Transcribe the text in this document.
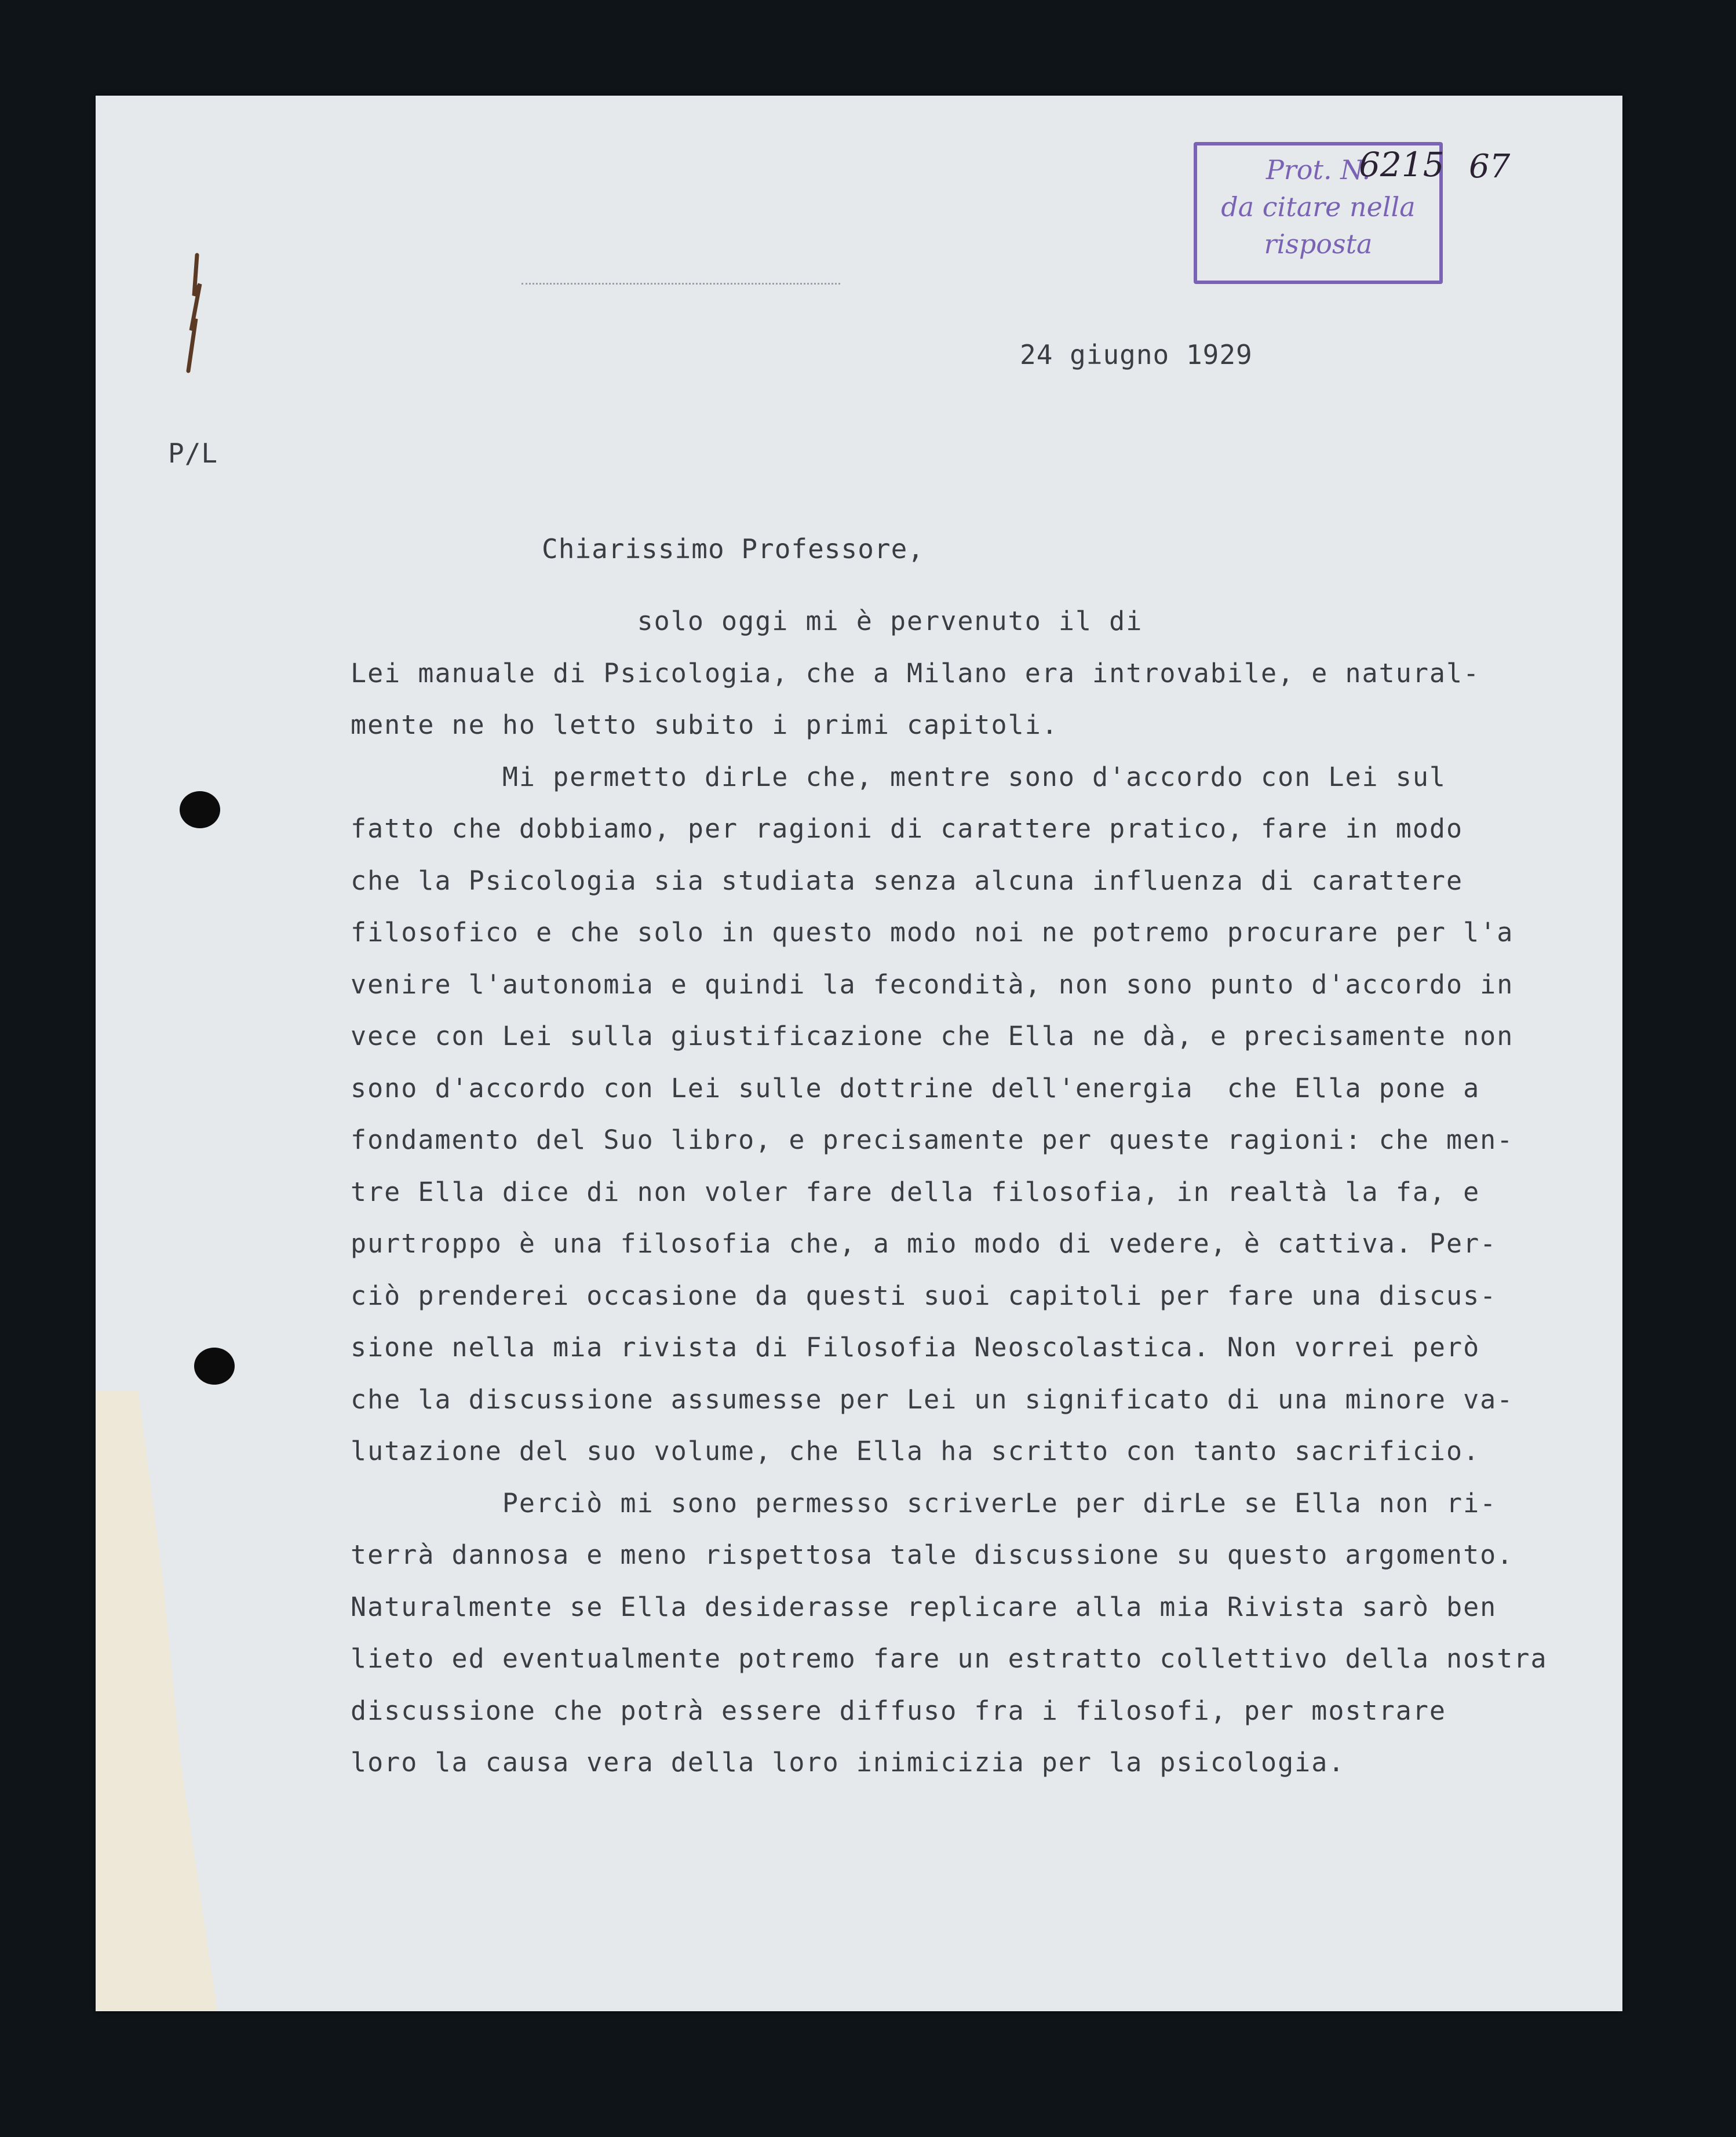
Prot. N.
da citare nella
risposta
6215 67
24 giugno 1929
P/L
Chiarissimo Professore,
solo oggi mi è pervenuto il di
Lei manuale di Psicologia, che a Milano era introvabile, e natural-
mente ne ho letto subito i primi capitoli.
Mi permetto dirLe che, mentre sono d'accordo con Lei sul
fatto che dobbiamo, per ragioni di carattere pratico, fare in modo
che la Psicologia sia studiata senza alcuna influenza di carattere
filosofico e che solo in questo modo noi ne potremo procurare per l'a
venire l'autonomia e quindi la fecondità, non sono punto d'accordo in
vece con Lei sulla giustificazione che Ella ne dà, e precisamente non
sono d'accordo con Lei sulle dottrine dell'energia  che Ella pone a
fondamento del Suo libro, e precisamente per queste ragioni: che men-
tre Ella dice di non voler fare della filosofia, in realtà la fa, e
purtroppo è una filosofia che, a mio modo di vedere, è cattiva. Per-
ciò prenderei occasione da questi suoi capitoli per fare una discus-
sione nella mia rivista di Filosofia Neoscolastica. Non vorrei però
che la discussione assumesse per Lei un significato di una minore va-
lutazione del suo volume, che Ella ha scritto con tanto sacrificio.
Perciò mi sono permesso scriverLe per dirLe se Ella non ri-
terrà dannosa e meno rispettosa tale discussione su questo argomento.
Naturalmente se Ella desiderasse replicare alla mia Rivista sarò ben
lieto ed eventualmente potremo fare un estratto collettivo della nostra
discussione che potrà essere diffuso fra i filosofi, per mostrare
loro la causa vera della loro inimicizia per la psicologia.
